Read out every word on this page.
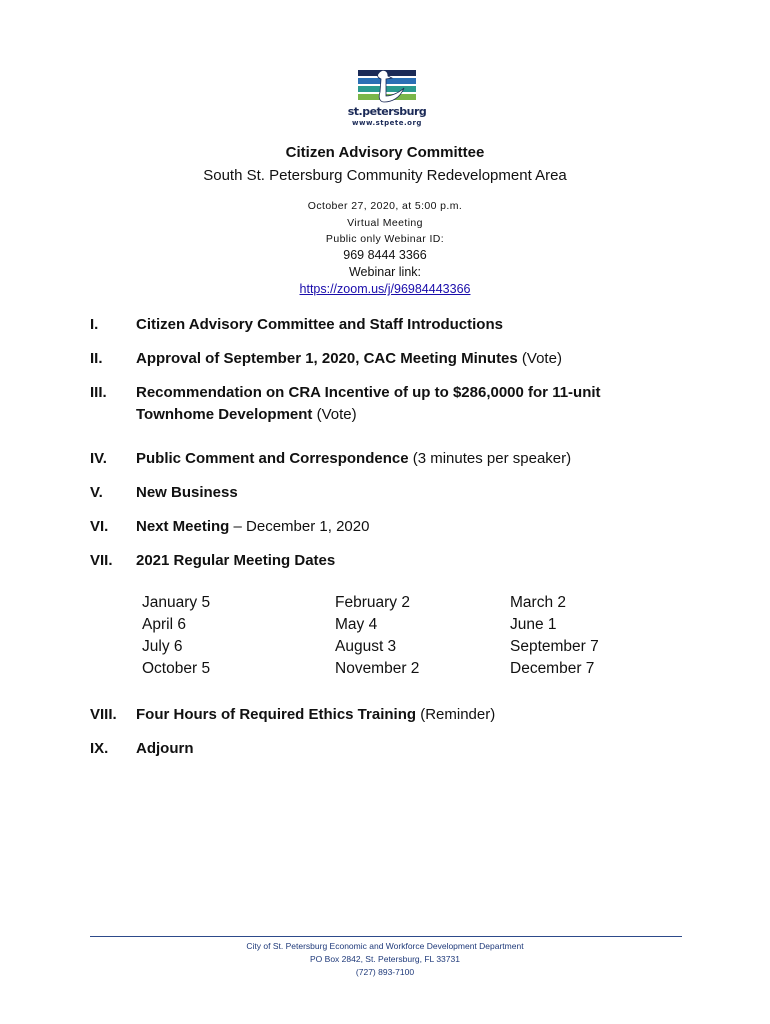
st.petersburg
www.stpete.org
Citizen Advisory Committee
South St. Petersburg Community Redevelopment Area
October 27, 2020, at 5:00 p.m.
Virtual Meeting
Public only Webinar ID:
969 8444 3366
Webinar link:
https://zoom.us/j/96984443366
I.	Citizen Advisory Committee and Staff Introductions
II. Approval of September 1, 2020, CAC Meeting Minutes (Vote)
III. Recommendation on CRA Incentive of up to $286,0000 for 11-unit Townhome Development (Vote)
IV. Public Comment and Correspondence (3 minutes per speaker)
V. New Business
VI. Next Meeting – December 1, 2020
VII. 2021 Regular Meeting Dates
January 5
April 6
July 6
October 5
February 2
May 4
August 3
November 2
March 2
June 1
September 7
December 7
VIII. Four Hours of Required Ethics Training (Reminder)
IX. Adjourn
City of St. Petersburg Economic and Workforce Development Department
PO Box 2842, St. Petersburg, FL 33731
(727) 893-7100
